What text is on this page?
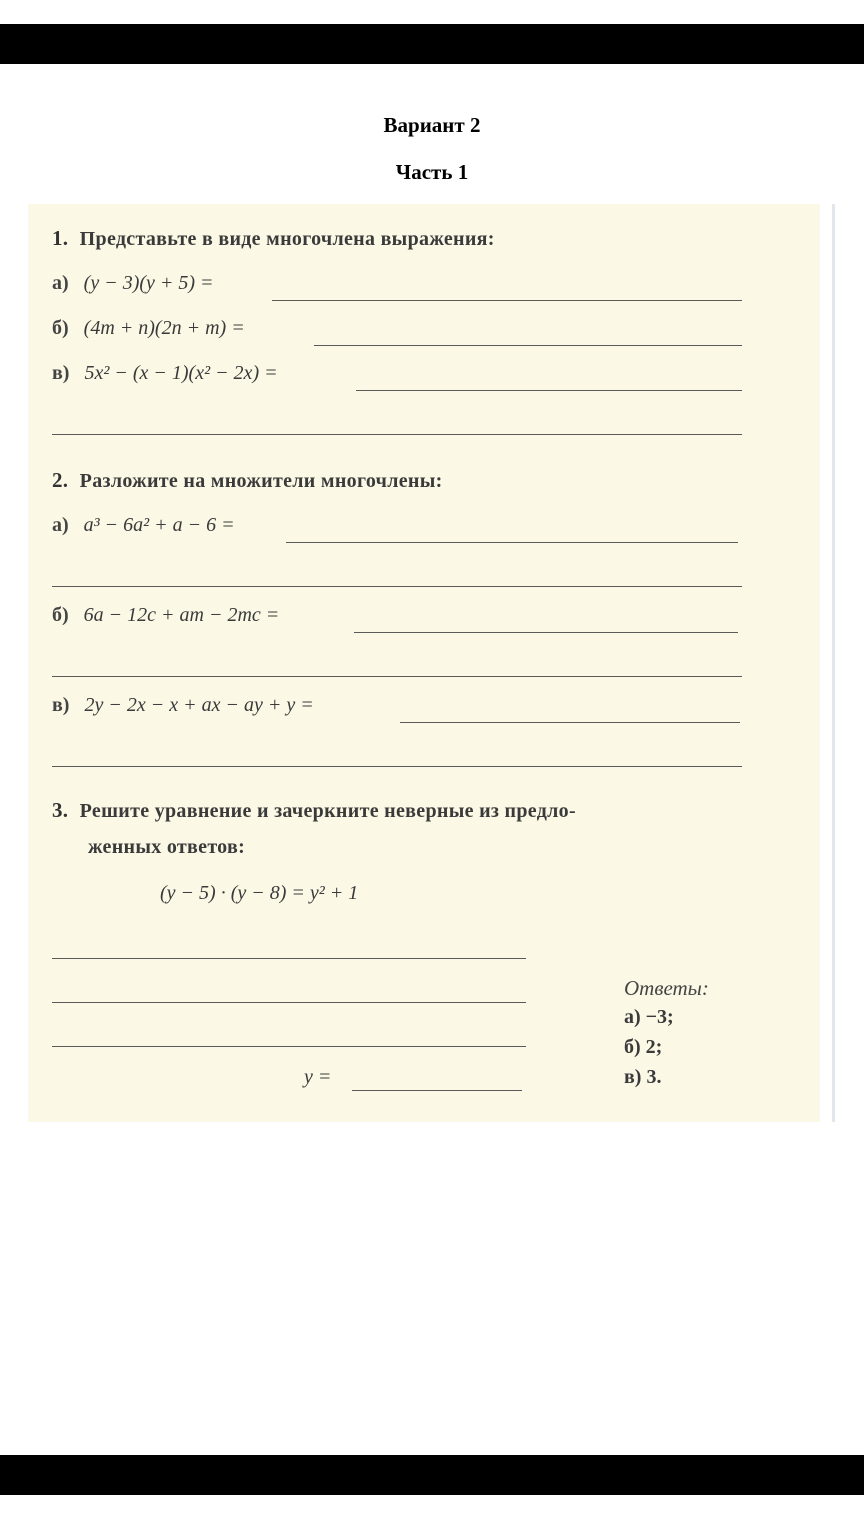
Вариант 2
Часть 1
1. Представьте в виде многочлена выражения:
а) (y − 3)(y + 5) =
б) (4m + n)(2n + m) =
в) 5x² − (x − 1)(x² − 2x) =
2. Разложите на множители многочлены:
а) a³ − 6a² + a − 6 =
б) 6a − 12c + am − 2mc =
в) 2y − 2x − x + ax − ay + y =
3. Решите уравнение и зачеркните неверные из предло-
женных ответов:
(y − 5) · (y − 8) = y² + 1
y =
Ответы:
а) −3;
б) 2;
в) 3.
